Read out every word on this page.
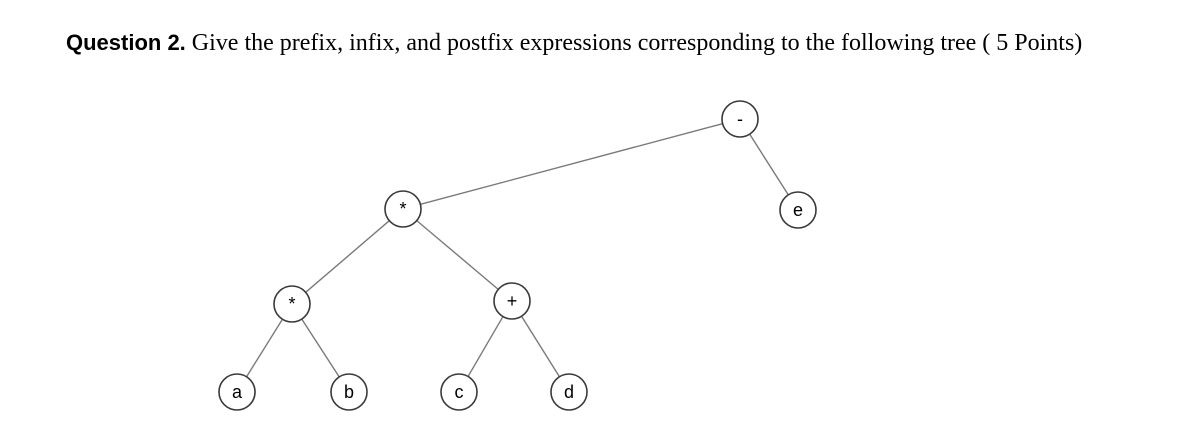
Question 2. Give the prefix, infix, and postfix expressions corresponding to the following tree ( 5 Points)
-
*	e
*	+
a	b	c	d
